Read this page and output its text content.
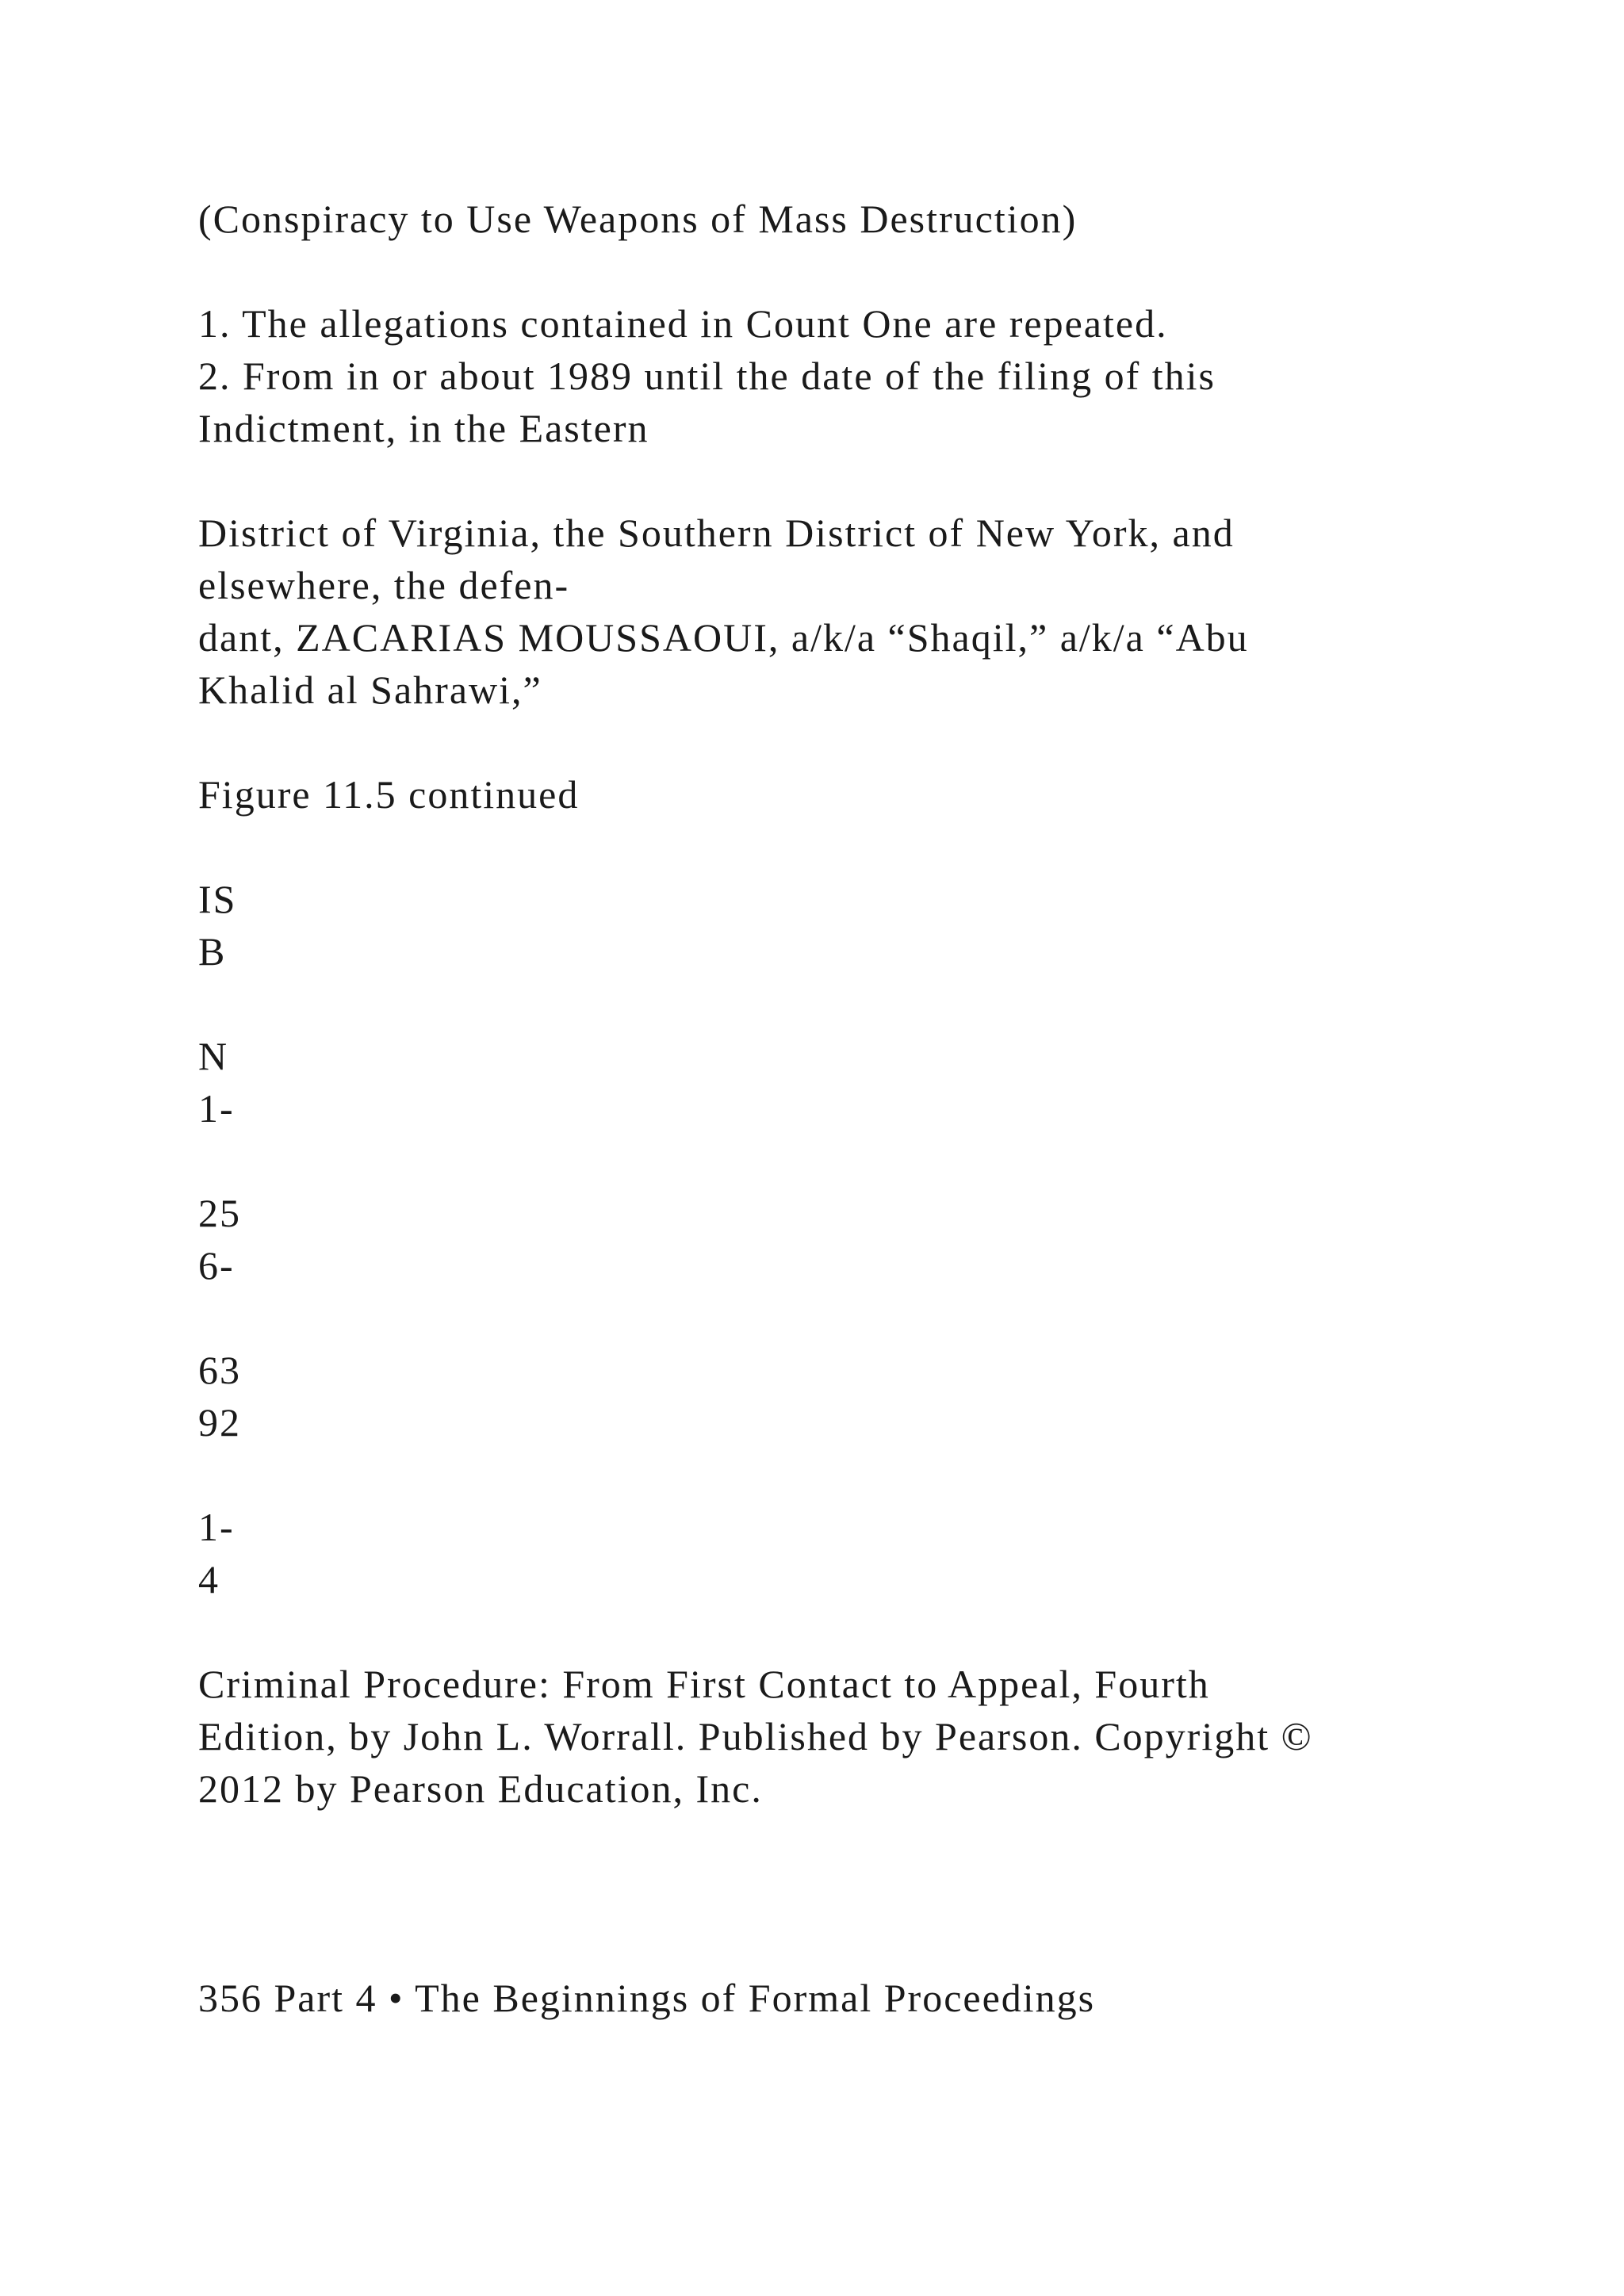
(Conspiracy to Use Weapons of Mass Destruction)
1. The allegations contained in Count One are repeated.
2. From in or about 1989 until the date of the filing of this
Indictment, in the Eastern
District of Virginia, the Southern District of New York, and
elsewhere, the defen-
dant, ZACARIAS MOUSSAOUI, a/k/a “Shaqil,” a/k/a “Abu
Khalid al Sahrawi,”
Figure 11.5 continued
IS
B
N
1-
25
6-
63
92
1-
4
Criminal Procedure: From First Contact to Appeal, Fourth
Edition, by John L. Worrall. Published by Pearson. Copyright ©
2012 by Pearson Education, Inc.
356 Part 4 • The Beginnings of Formal Proceedings
